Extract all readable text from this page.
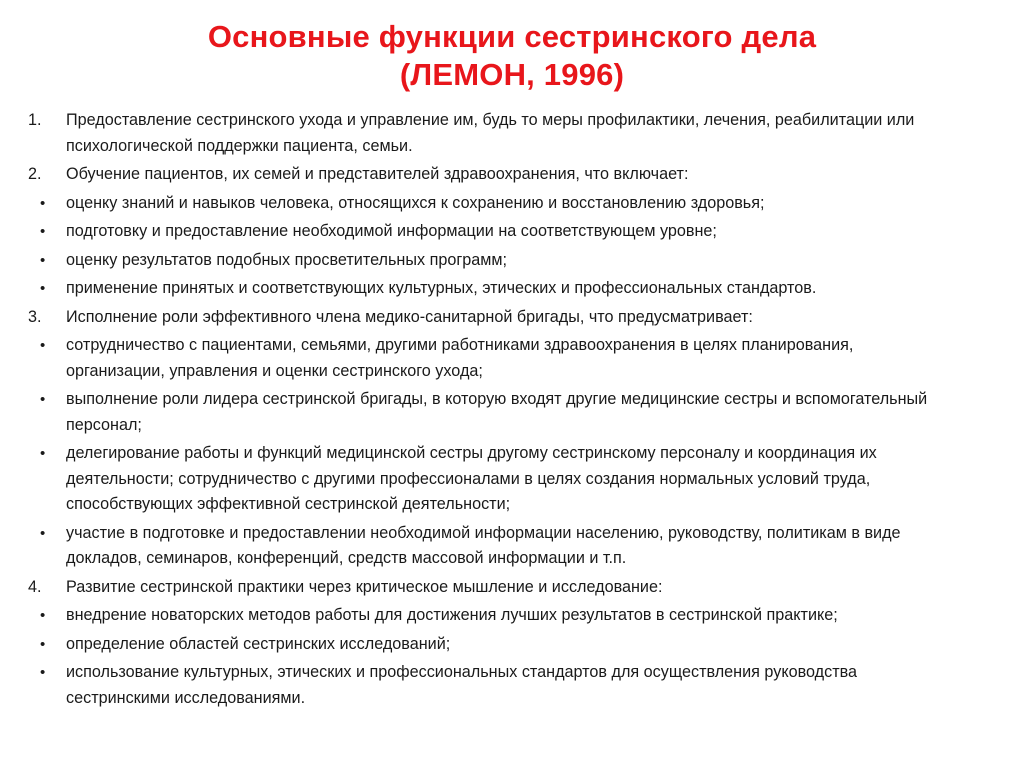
Основные функции сестринского дела
(ЛЕМОН, 1996)
1.	Предоставление сестринского ухода и управление им, будь то меры профилактики, лечения, реабилитации или психологической поддержки пациента, семьи.
2.	Обучение пациентов, их семей и представителей здравоохранения, что включает:
•	оценку знаний и навыков человека, относящихся к сохранению и восстановлению здоровья;
•	подготовку и предоставление необходимой информации на соответствующем уровне;
•	оценку результатов подобных просветительных программ;
•	применение принятых и соответствующих культурных, этических и профессиональных стандартов.
3.	Исполнение роли эффективного члена медико-санитарной бригады, что предусматривает:
•	сотрудничество с пациентами, семьями, другими работниками здравоохранения в целях планирования, организации, управления и оценки сестринского ухода;
•	выполнение роли лидера сестринской бригады, в которую входят другие медицинские сестры и вспомогательный персонал;
•	делегирование работы и функций медицинской сестры другому сестринскому персоналу и координация их деятельности; сотрудничество с другими профессионалами в целях создания нормальных условий труда, способствующих эффективной сестринской деятельности;
•	участие в подготовке и предоставлении необходимой информации населению, руководству, политикам в виде докладов, семинаров, конференций, средств массовой информации и т.п.
4.	Развитие сестринской практики через критическое мышление и исследование:
•	внедрение новаторских методов работы для достижения лучших результатов в сестринской практике;
•	определение областей сестринских исследований;
•	использование культурных, этических и профессиональных стандартов для осуществления руководства сестринскими исследованиями.
